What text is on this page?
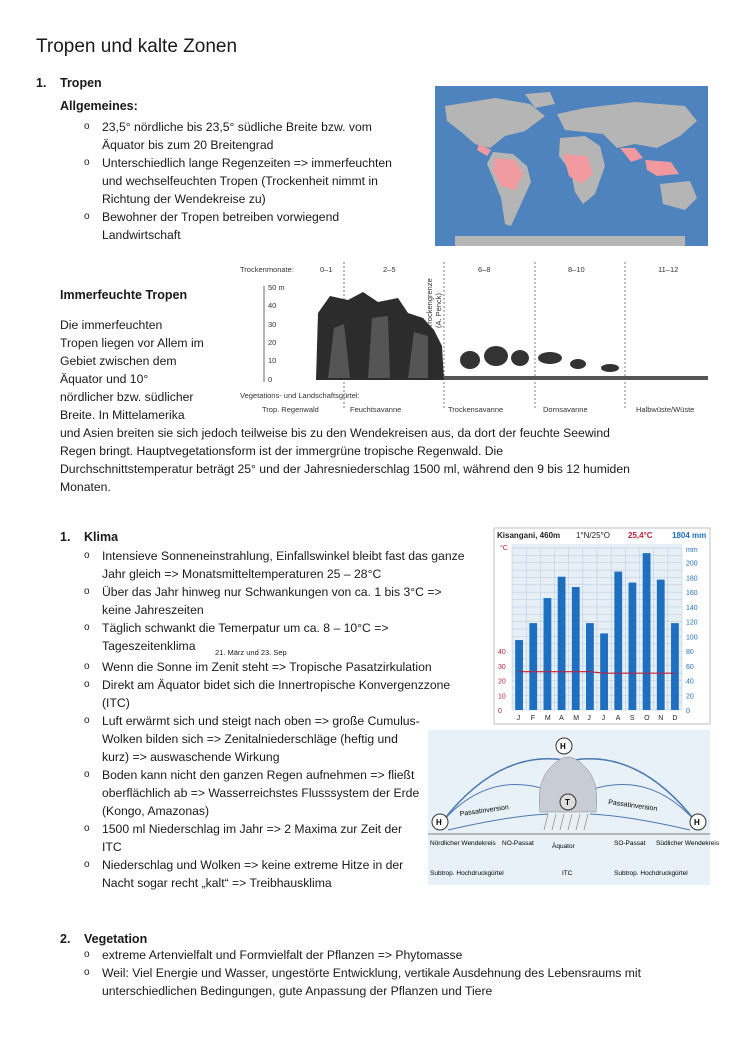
Tropen und kalte Zonen
1. Tropen
Allgemeines:
o 23,5° nördliche bis 23,5° südliche Breite bzw. vom Äquator bis zum 20 Breitengrad
o Unterschiedlich lange Regenzeiten => immerfeuchten und wechselfeuchten Tropen (Trockenheit nimmt in Richtung der Wendekreise zu)
o Bewohner der Tropen betreiben vorwiegend Landwirtschaft
Trockenmonate:	0–1	2–5	6–8	8–10	11–12
50 m
40
30
20
10
0
Trockengrenze (A. Penck)
Vegetations- und Landschaftsgürtel:
Trop. Regenwald	Feuchtsavanne	Trockensavanne	Dornsavanne	Halbwüste/Wüste
Immerfeuchte Tropen
Die immerfeuchten
Tropen liegen vor Allem im
Gebiet zwischen dem
Äquator und 10°
nördlicher bzw. südlicher
Breite. In Mittelamerika
und Asien breiten sie sich jedoch teilweise bis zu den Wendekreisen aus, da dort der feuchte Seewind
Regen bringt. Hauptvegetationsform ist der immergrüne tropische Regenwald. Die
Durchschnittstemperatur beträgt 25° und der Jahresniederschlag 1500 ml, während den 9 bis 12 humiden
Monaten.
1. Klima
o Intensieve Sonneneinstrahlung, Einfallswinkel bleibt fast das ganze Jahr gleich => Monatsmitteltemperaturen 25 – 28°C
o Über das Jahr hinweg nur Schwankungen von ca. 1 bis 3°C => keine Jahreszeiten
o Täglich schwankt die Temerpatur um ca. 8 – 10°C => Tageszeitenklima
o Wenn die Sonne im Zenit steht => Tropische Pasatzirkulation
o Direkt am Äquator bidet sich die Innertropische Konvergenzzone (ITC)
o Luft erwärmt sich und steigt nach oben => große Cumulus-Wolken bilden sich => Zenitalniederschläge (heftig und kurz) => auswaschende Wirkung
o Boden kann nicht den ganzen Regen aufnehmen => fließt oberflächlich ab => Wasserreichstes Flusssystem der Erde (Kongo, Amazonas)
o 1500 ml Niederschlag im Jahr => 2 Maxima zur Zeit der ITC
o Niederschlag und Wolken => keine extreme Hitze in der Nacht sogar recht „kalt“ => Treibhausklima
21. März und 23. Sep
Kisangani, 460m 1°N/25°O 25,4°C 1804 mm
°C
40
30
20
10
0
mm
200
180
160
140
120
100
80
60
40
20
0
J F M A M J J A S O N D
H
H	H
T
Passatinversion	Passatinversion
Nördlicher Wendekreis NO-Passat	Äquator	SO-Passat Südlicher Wendekreis
Subtrop. Hochdruckgürtel	ITC	Subtrop. Hochdruckgürtel
2. Vegetation
o extreme Artenvielfalt und Formvielfalt der Pflanzen => Phytomasse
o Weil: Viel Energie und Wasser, ungestörte Entwicklung, vertikale Ausdehnung des Lebensraums mit unterschiedlichen Bedingungen, gute Anpassung der Pflanzen und Tiere
